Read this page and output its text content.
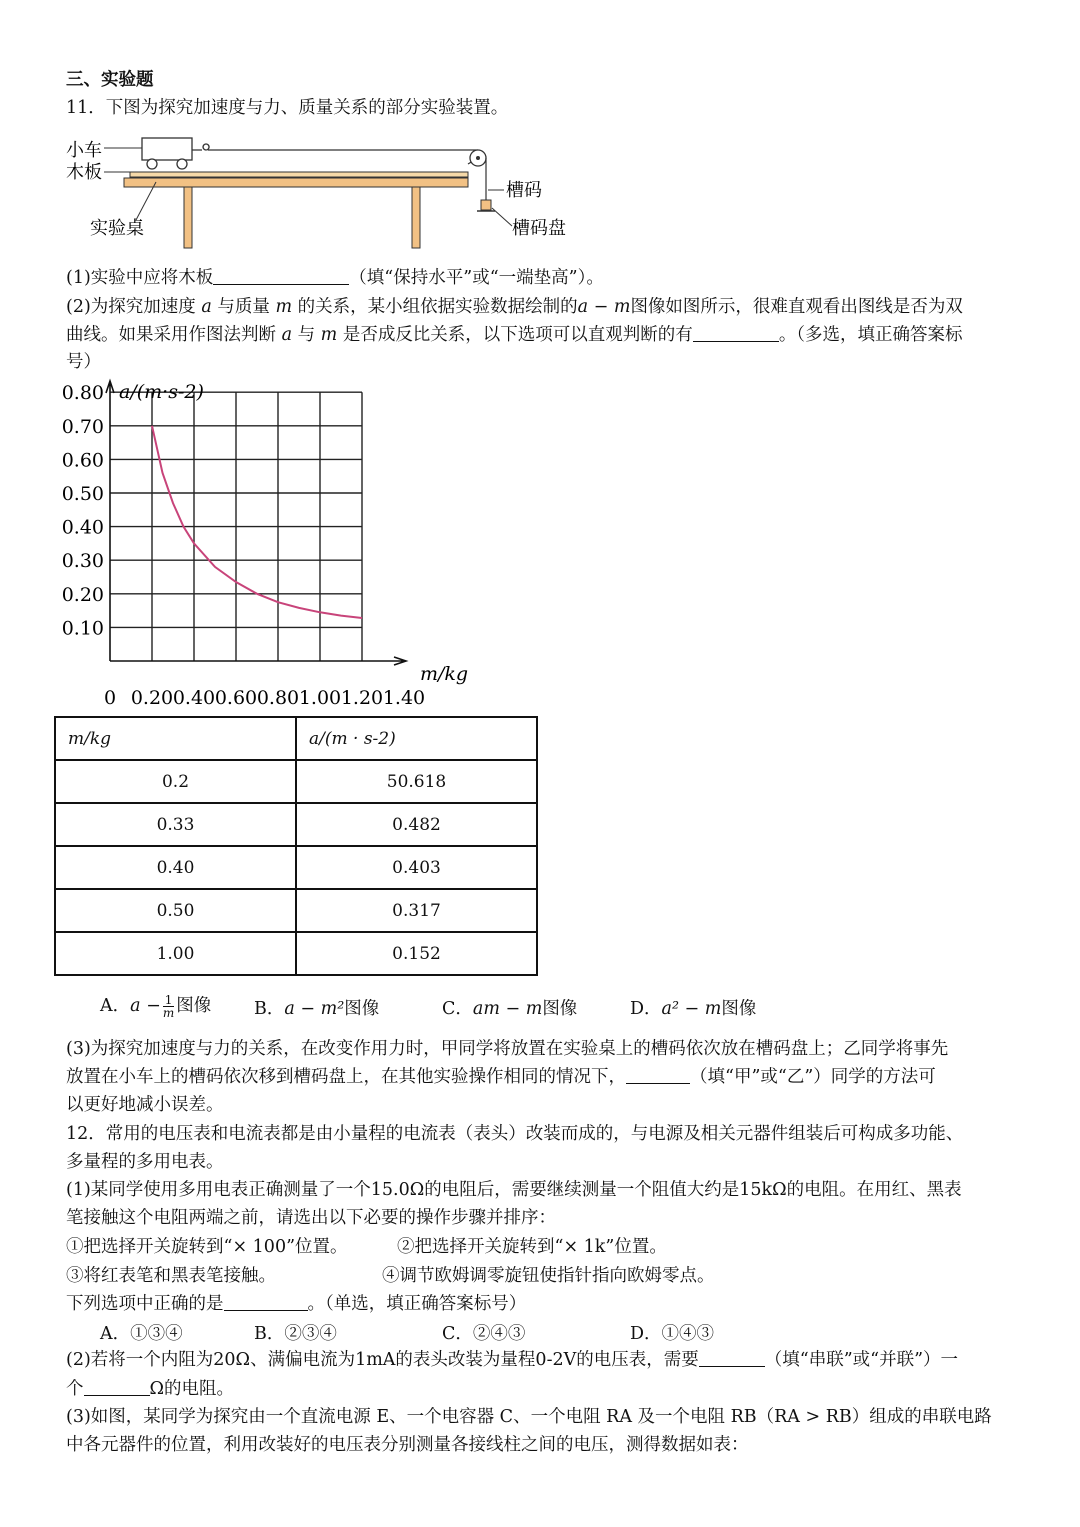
三、实验题
11．下图为探究加速度与力、质量关系的部分实验装置。
小车
木板
实验桌
槽码
槽码盘
(1)实验中应将木板	（填“保持水平”或“一端垫高”）。
(2)为探究加速度 a 与质量 m 的关系，某小组依据实验数据绘制的a − m图像如图所示，很难直观看出图线是否为双
曲线。如果采用作图法判断 a 与 m 是否成反比关系，以下选项可以直观判断的有	。（多选，填正确答案标
号）
0.10
0.20
0.30
0.40
0.50
0.60
0.70
0.80
0 0.20 0.40 0.60 0.80 1.00 1.20 1.40
a/(m·s-2)
m/kg
m/kg	a/(m · s-2)
0.2	50.618
0.33	0.482
0.40	0.403
0.50	0.317
1.00	0.152
A．$a - \frac{1}{m}$ 图像 B．a − m²图像	C．am − m图像	D．a² − m图像
(3)为探究加速度与力的关系，在改变作用力时，甲同学将放置在实验桌上的槽码依次放在槽码盘上；乙同学将事先
放置在小车上的槽码依次移到槽码盘上，在其他实验操作相同的情况下，	（填“甲”或“乙”）同学的方法可
以更好地减小误差。
12．常用的电压表和电流表都是由小量程的电流表（表头）改装而成的，与电源及相关元器件组装后可构成多功能、
多量程的多用电表。
(1)某同学使用多用电表正确测量了一个15.0Ω的电阻后，需要继续测量一个阻值大约是15kΩ的电阻。在用红、黑表
笔接触这个电阻两端之前，请选出以下必要的操作步骤并排序：
①把选择开关旋转到“× 100”位置。	②把选择开关旋转到“× 1k”位置。
③将红表笔和黑表笔接触。	④调节欧姆调零旋钮使指针指向欧姆零点。
下列选项中正确的是	。（单选，填正确答案标号）
A．①③④	B．②③④	C．②④③	D．①④③
(2)若将一个内阻为20Ω、满偏电流为1mA的表头改装为量程0-2V的电压表，需要	（填“串联”或“并联”）一
个	Ω的电阻。
(3)如图，某同学为探究由一个直流电源 E、一个电容器 C、一个电阻 RA 及一个电阻 RB（RA > RB）组成的串联电路
中各元器件的位置，利用改装好的电压表分别测量各接线柱之间的电压，测得数据如表：
